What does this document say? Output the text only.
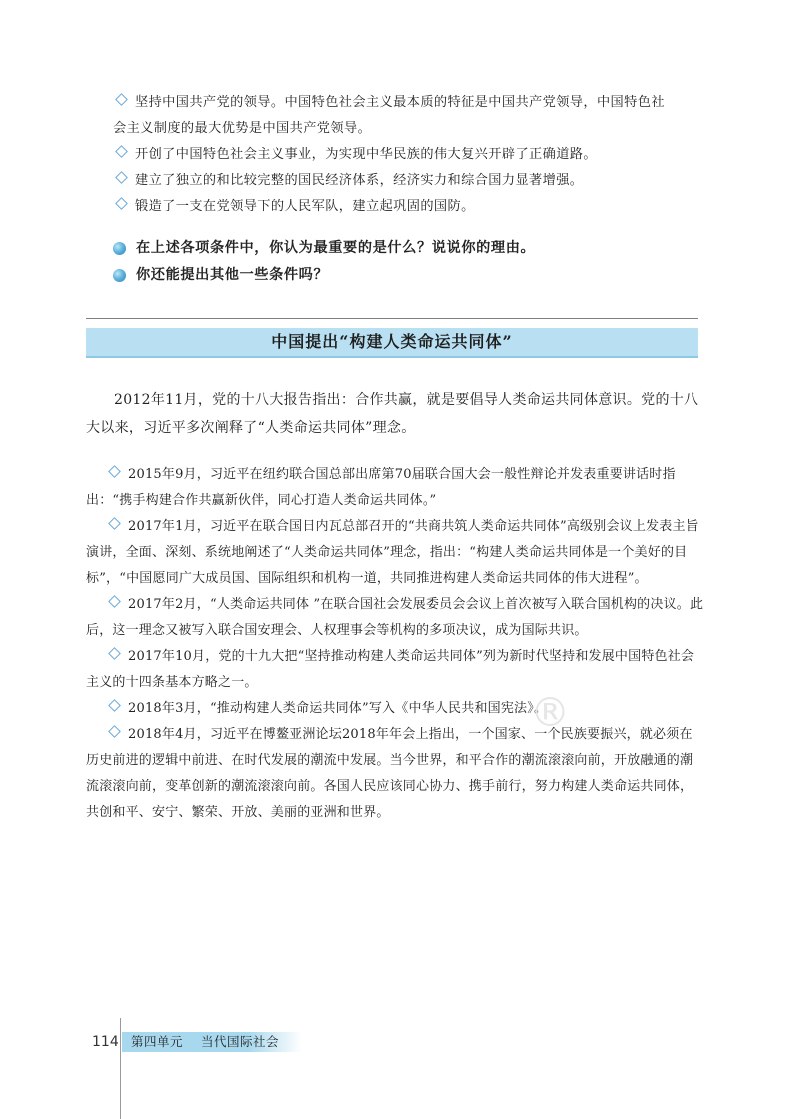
坚持中国共产党的领导。中国特色社会主义最本质的特征是中国共产党领导，中国特色社

会主义制度的最大优势是中国共产党领导。

开创了中国特色社会主义事业，为实现中华民族的伟大复兴开辟了正确道路。

建立了独立的和比较完整的国民经济体系，经济实力和综合国力显著增强。

锻造了一支在党领导下的人民军队，建立起巩固的国防。

在上述各项条件中，你认为最重要的是什么？说说你的理由。

你还能提出其他一些条件吗？

中国提出“构建人类命运共同体”

2012年11月，党的十八大报告指出：合作共赢，就是要倡导人类命运共同体意识。党的十八大以来，习近平多次阐释了“人类命运共同体”理念。

2015年9月，习近平在纽约联合国总部出席第70届联合国大会一般性辩论并发表重要讲话时指出：“携手构建合作共赢新伙伴，同心打造人类命运共同体。”

2017年1月，习近平在联合国日内瓦总部召开的“共商共筑人类命运共同体”高级别会议上发表主旨演讲，全面、深刻、系统地阐述了“人类命运共同体”理念，指出：“构建人类命运共同体是一个美好的目标”，“中国愿同广大成员国、国际组织和机构一道，共同推进构建人类命运共同体的伟大进程”。

2017年2月，“人类命运共同体 ”在联合国社会发展委员会会议上首次被写入联合国机构的决议。此后，这一理念又被写入联合国安理会、人权理事会等机构的多项决议，成为国际共识。

2017年10月，党的十九大把“坚持推动构建人类命运共同体”列为新时代坚持和发展中国特色社会主义的十四条基本方略之一。

2018年3月，“推动构建人类命运共同体”写入《中华人民共和国宪法》。

2018年4月，习近平在博鳌亚洲论坛2018年年会上指出，一个国家、一个民族要振兴，就必须在历史前进的逻辑中前进、在时代发展的潮流中发展。当今世界，和平合作的潮流滚滚向前，开放融通的潮流滚滚向前，变革创新的潮流滚滚向前。各国人民应该同心协力、携手前行，努力构建人类命运共同体，共创和平、安宁、繁荣、开放、美丽的亚洲和世界。

®
114 第四单元 当代国际社会
